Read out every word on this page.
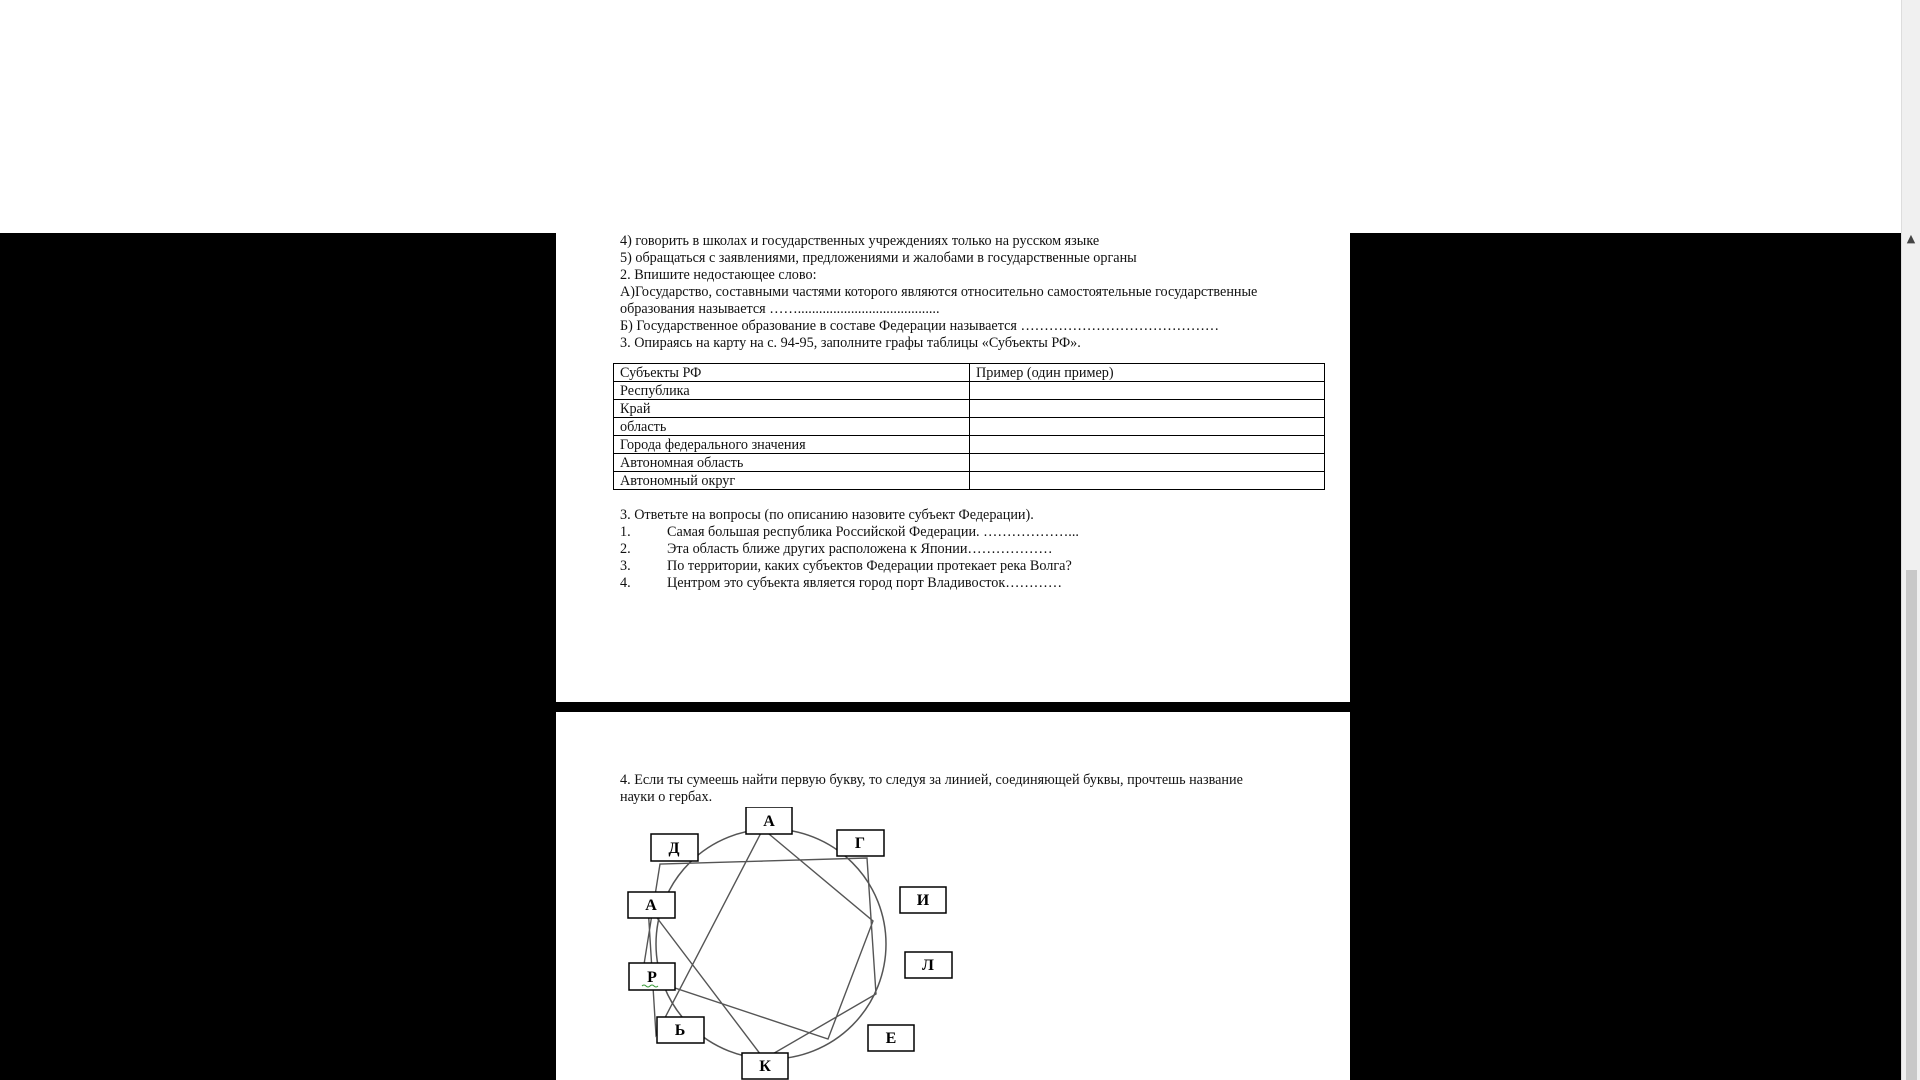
4) говорить в школах и государственных учреждениях только на русском языке
5) обращаться с заявлениями, предложениями и жалобами в государственные органы
2. Впишите недостающее слово:
А)Государство, составными частями которого являются относительно самостоятельные государственные
образования называется ……........................................
Б) Государственное образование в составе Федерации называется ……………………………………
3. Опираясь на карту на с. 94-95, заполните графы таблицы «Субъекты РФ».
Субъекты РФ	Пример (один пример)
Республика	
Край	
область	
Города федерального значения	
Автономная область	
Автономный округ	
3. Ответьте на вопросы (по описанию назовите субъект Федерации).
1.	Самая большая республика Российской Федерации. ………………...
2.	Эта область ближе других расположена к Японии………………
3.	По территории, каких субъектов Федерации протекает река Волга?
4.	Центром это субъекта является город порт Владивосток…………
4. Если ты сумеешь найти первую букву, то следуя за линией, соединяющей буквы, прочтешь название
науки о гербах.
А
Г
И
Л
Е
К
Ь
Р
А
Д
▲
